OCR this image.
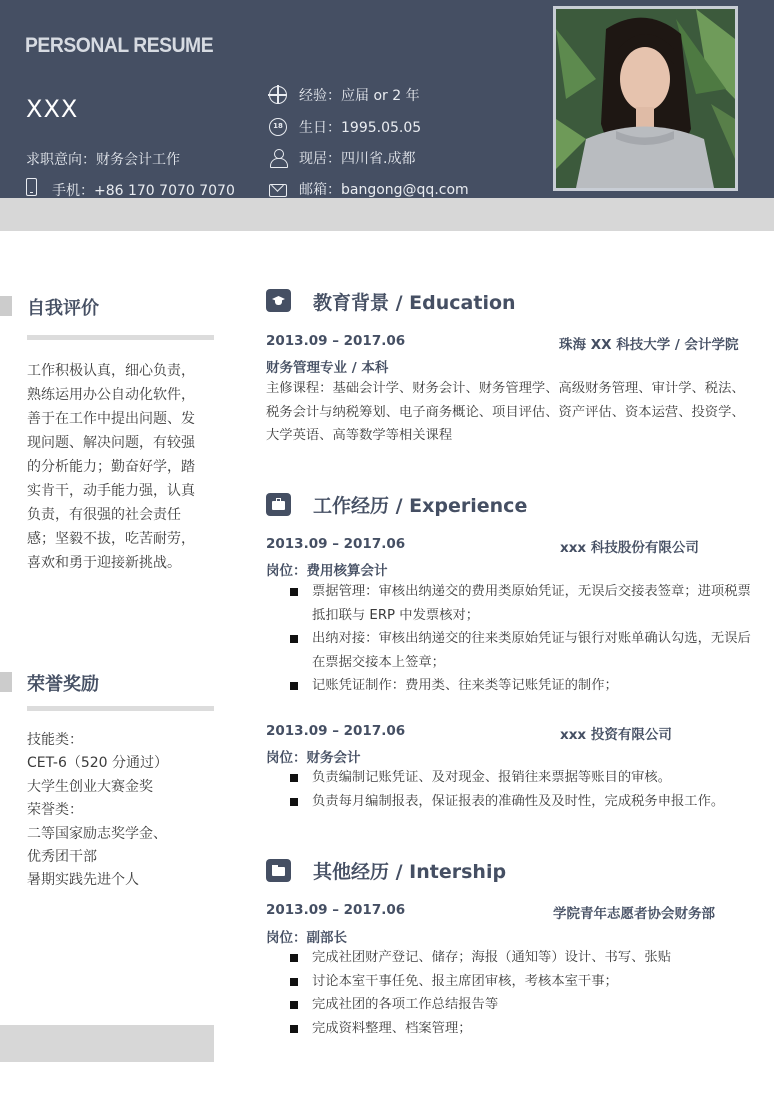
PERSONAL RESUME
XXX
求职意向：财务会计工作
手机：+86 170 7070 7070
经验：应届 or 2 年
18 生日：1995.05.05
现居：四川省.成都
邮箱：bangong@qq.com
自我评价
工作积极认真，细心负责，熟练运用办公自动化软件，善于在工作中提出问题、发现问题、解决问题，有较强的分析能力；勤奋好学，踏实肯干，动手能力强，认真负责，有很强的社会责任感；坚毅不拔，吃苦耐劳，喜欢和勇于迎接新挑战。
荣誉奖励
技能类：
CET-6（520 分通过）
大学生创业大赛金奖
荣誉类：
二等国家励志奖学金、
优秀团干部
暑期实践先进个人
教育背景 / Education
2013.09 – 2017.06	珠海 XX 科技大学 / 会计学院
财务管理专业 / 本科
主修课程：基础会计学、财务会计、财务管理学、高级财务管理、审计学、税法、税务会计与纳税筹划、电子商务概论、项目评估、资产评估、资本运营、投资学、大学英语、高等数学等相关课程
工作经历 / Experience
2013.09 – 2017.06	xxx 科技股份有限公司
岗位：费用核算会计
票据管理：审核出纳递交的费用类原始凭证，无误后交接表签章；进项税票抵扣联与 ERP 中发票核对；
出纳对接：审核出纳递交的往来类原始凭证与银行对账单确认勾选，无误后在票据交接本上签章；
记账凭证制作：费用类、往来类等记账凭证的制作；
2013.09 – 2017.06	xxx 投资有限公司
岗位：财务会计
负责编制记账凭证、及对现金、报销往来票据等账目的审核。
负责每月编制报表，保证报表的准确性及及时性，完成税务申报工作。
其他经历 / Intership
2013.09 – 2017.06	学院青年志愿者协会财务部
岗位：副部长
完成社团财产登记、储存；海报（通知等）设计、书写、张贴
讨论本室干事任免、报主席团审核，考核本室干事；
完成社团的各项工作总结报告等
完成资料整理、档案管理；
